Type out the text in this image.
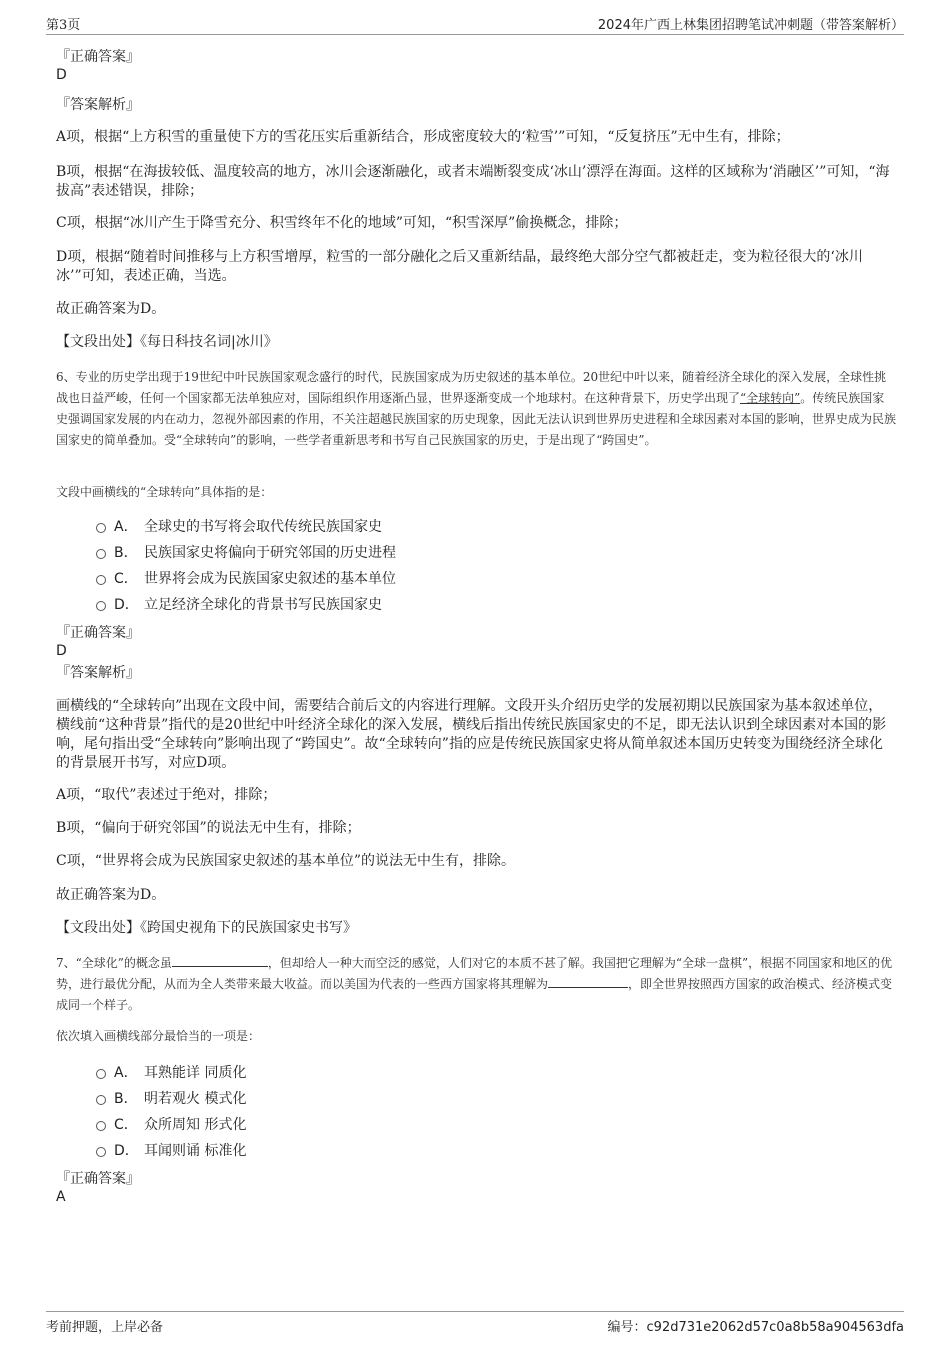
第3页	2024年广西上林集团招聘笔试冲刺题（带答案解析）
『正确答案』
D
『答案解析』
A项，根据“上方积雪的重量使下方的雪花压实后重新结合，形成密度较大的‘粒雪’”可知，“反复挤压”无中生有，排除；
B项，根据“在海拔较低、温度较高的地方，冰川会逐渐融化，或者末端断裂变成‘冰山’漂浮在海面。这样的区域称为‘消融区’”可知，“海拔高”表述错误，排除；
C项，根据“冰川产生于降雪充分、积雪终年不化的地域”可知，“积雪深厚”偷换概念，排除；
D项，根据“随着时间推移与上方积雪增厚，粒雪的一部分融化之后又重新结晶，最终绝大部分空气都被赶走，变为粒径很大的‘冰川冰’”可知，表述正确，当选。
故正确答案为D。
【文段出处】《每日科技名词|冰川》
6、专业的历史学出现于19世纪中叶民族国家观念盛行的时代，民族国家成为历史叙述的基本单位。20世纪中叶以来，随着经济全球化的深入发展，全球性挑战也日益严峻，任何一个国家都无法单独应对，国际组织作用逐渐凸显，世界逐渐变成一个地球村。在这种背景下，历史学出现了“全球转向”。传统民族国家史强调国家发展的内在动力，忽视外部因素的作用，不关注超越民族国家的历史现象，因此无法认识到世界历史进程和全球因素对本国的影响，世界史成为民族国家史的简单叠加。受“全球转向”的影响，一些学者重新思考和书写自己民族国家的历史，于是出现了“跨国史”。
文段中画横线的“全球转向”具体指的是：
A． 全球史的书写将会取代传统民族国家史
B． 民族国家史将偏向于研究邻国的历史进程
C． 世界将会成为民族国家史叙述的基本单位
D． 立足经济全球化的背景书写民族国家史
『正确答案』
D
『答案解析』
画横线的“全球转向”出现在文段中间，需要结合前后文的内容进行理解。文段开头介绍历史学的发展初期以民族国家为基本叙述单位，横线前“这种背景”指代的是20世纪中叶经济全球化的深入发展，横线后指出传统民族国家史的不足，即无法认识到全球因素对本国的影响，尾句指出受“全球转向”影响出现了“跨国史”。故“全球转向”指的应是传统民族国家史将从简单叙述本国历史转变为围绕经济全球化的背景展开书写，对应D项。
A项，“取代”表述过于绝对，排除；
B项，“偏向于研究邻国”的说法无中生有，排除；
C项，“世界将会成为民族国家史叙述的基本单位”的说法无中生有，排除。
故正确答案为D。
【文段出处】《跨国史视角下的民族国家史书写》
7、“全球化”的概念虽	，但却给人一种大而空泛的感觉，人们对它的本质不甚了解。我国把它理解为“全球一盘棋”，根据不同国家和地区的优势，进行最优分配，从而为全人类带来最大收益。而以美国为代表的一些西方国家将其理解为	，即全世界按照西方国家的政治模式、经济模式变成同一个样子。
依次填入画横线部分最恰当的一项是：
A． 耳熟能详 同质化
B． 明若观火 模式化
C． 众所周知 形式化
D． 耳闻则诵 标准化
『正确答案』
A
考前押题，上岸必备	编号：c92d731e2062d57c0a8b58a904563dfa
